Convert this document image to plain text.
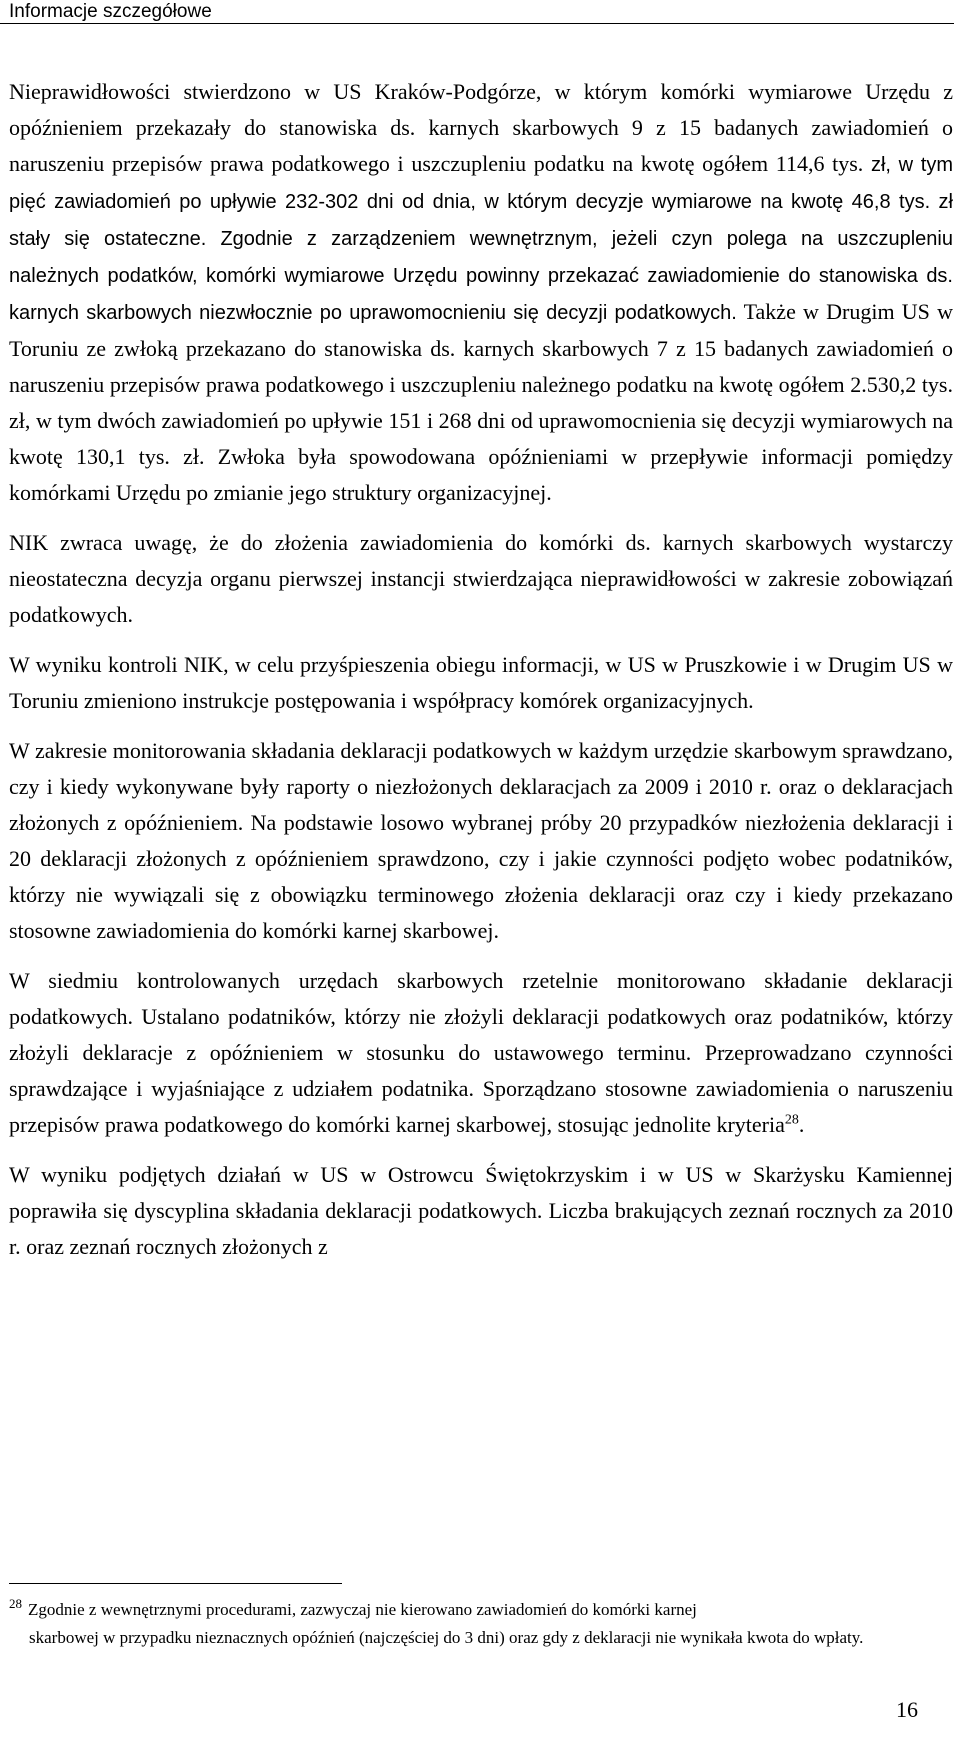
Informacje szczegółowe

Nieprawidłowości stwierdzono w US Kraków-Podgórze, w którym komórki wymiarowe Urzędu z opóźnieniem przekazały do stanowiska ds. karnych skarbowych 9 z 15 badanych zawiadomień o naruszeniu przepisów prawa podatkowego i uszczupleniu podatku na kwotę ogółem 114,6 tys. zł, w tym pięć zawiadomień po upływie 232-302 dni od dnia, w którym decyzje wymiarowe na kwotę 46,8 tys. zł stały się ostateczne. Zgodnie z zarządzeniem wewnętrznym, jeżeli czyn polega na uszczupleniu należnych podatków, komórki wymiarowe Urzędu powinny przekazać zawiadomienie do stanowiska ds. karnych skarbowych niezwłocznie po uprawomocnieniu się decyzji podatkowych. Także w Drugim US w Toruniu ze zwłoką przekazano do stanowiska ds. karnych skarbowych 7 z 15 badanych zawiadomień o naruszeniu przepisów prawa podatkowego i uszczupleniu należnego podatku na kwotę ogółem 2.530,2 tys. zł, w tym dwóch zawiadomień po upływie 151 i 268 dni od uprawomocnienia się decyzji wymiarowych na kwotę 130,1 tys. zł. Zwłoka była spowodowana opóźnieniami w przepływie informacji pomiędzy komórkami Urzędu po zmianie jego struktury organizacyjnej.

NIK zwraca uwagę, że do złożenia zawiadomienia do komórki ds. karnych skarbowych wystarczy nieostateczna decyzja organu pierwszej instancji stwierdzająca nieprawidłowości w zakresie zobowiązań podatkowych.

W wyniku kontroli NIK, w celu przyśpieszenia obiegu informacji, w US w Pruszkowie i w Drugim US w Toruniu zmieniono instrukcje postępowania i współpracy komórek organizacyjnych.

W zakresie monitorowania składania deklaracji podatkowych w każdym urzędzie skarbowym sprawdzano, czy i kiedy wykonywane były raporty o niezłożonych deklaracjach za 2009 i 2010 r. oraz o deklaracjach złożonych z opóźnieniem. Na podstawie losowo wybranej próby 20 przypadków niezłożenia deklaracji i 20 deklaracji złożonych z opóźnieniem sprawdzono, czy i jakie czynności podjęto wobec podatników, którzy nie wywiązali się z obowiązku terminowego złożenia deklaracji oraz czy i kiedy przekazano stosowne zawiadomienia do komórki karnej skarbowej.

W siedmiu kontrolowanych urzędach skarbowych rzetelnie monitorowano składanie deklaracji podatkowych. Ustalano podatników, którzy nie złożyli deklaracji podatkowych oraz podatników, którzy złożyli deklaracje z opóźnieniem w stosunku do ustawowego terminu. Przeprowadzano czynności sprawdzające i wyjaśniające z udziałem podatnika. Sporządzano stosowne zawiadomienia o naruszeniu przepisów prawa podatkowego do komórki karnej skarbowej, stosując jednolite kryteria$^{28}$.

W wyniku podjętych działań w US w Ostrowcu Świętokrzyskim i w US w Skarżysku Kamiennej poprawiła się dyscyplina składania deklaracji podatkowych. Liczba brakujących zeznań rocznych za 2010 r. oraz zeznań rocznych złożonych z

$^{28}$ Zgodnie z wewnętrznymi procedurami, zazwyczaj nie kierowano zawiadomień do komórki karnej
skarbowej w przypadku nieznacznych opóźnień (najczęściej do 3 dni) oraz gdy z deklaracji nie wynikała kwota do wpłaty.
16
